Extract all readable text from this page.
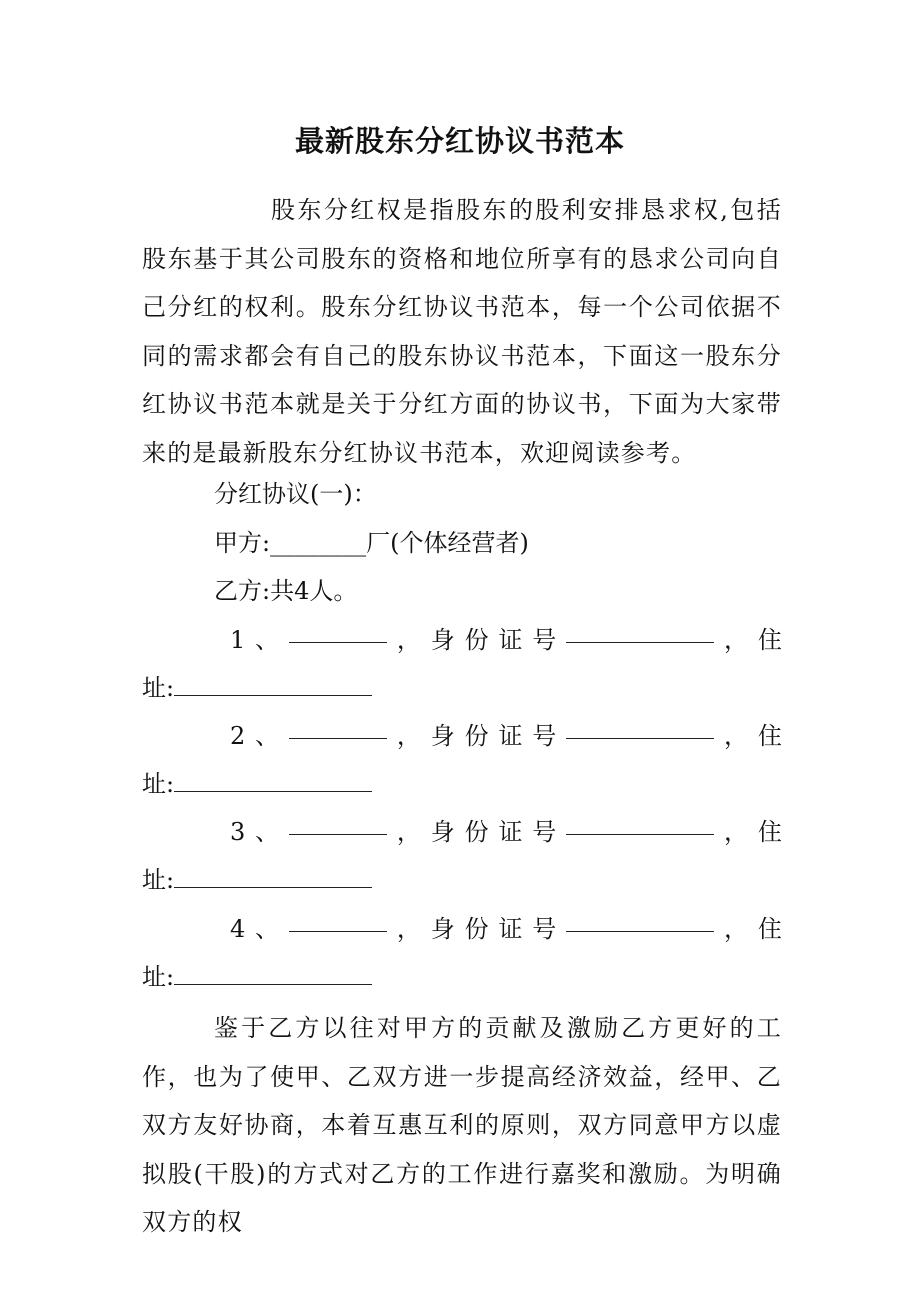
最新股东分红协议书范本

股东分红权是指股东的股利安排恳求权,包括股东基于其公司股东的资格和地位所享有的恳求公司向自己分红的权利。股东分红协议书范本，每一个公司依据不同的需求都会有自己的股东协议书范本，下面这一股东分红协议书范本就是关于分红方面的协议书，下面为大家带来的是最新股东分红协议书范本，欢迎阅读参考。

分红协议(一)：

甲方:________厂(个体经营者)

乙方:共4人。

1 、	， 身 份 证 号	， 住
址:
2 、	， 身 份 证 号	， 住
址:
3 、	， 身 份 证 号	， 住
址:
4 、	， 身 份 证 号	， 住
址:

鉴于乙方以往对甲方的贡献及激励乙方更好的工作，也为了使甲、乙双方进一步提高经济效益，经甲、乙双方友好协商，本着互惠互利的原则，双方同意甲方以虚拟股(干股)的方式对乙方的工作进行嘉奖和激励。为明确双方的权
